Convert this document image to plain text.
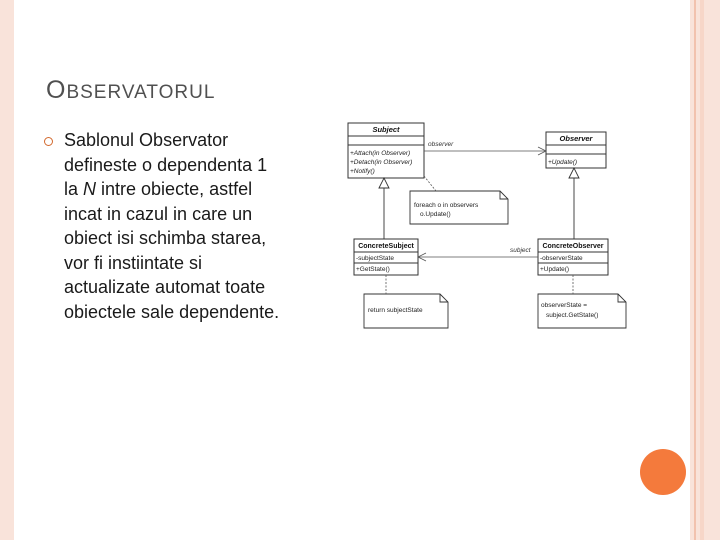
OBSERVATORUL
Sablonul Observator
defineste o dependenta 1
la N intre obiecte, astfel
incat in cazul in care un
obiect isi schimba starea,
vor fi instiintate si
actualizate automat toate
obiectele sale dependente.
Subject
+Attach(in Observer)
+Detach(in Observer)
+Notify()
Observer
+Update()
observer
foreach o in observers
o.Update()
ConcreteSubject
-subjectState
+GetState()
ConcreteObserver
-observerState
+Update()
subject
return subjectState
observerState =
subject.GetState()
